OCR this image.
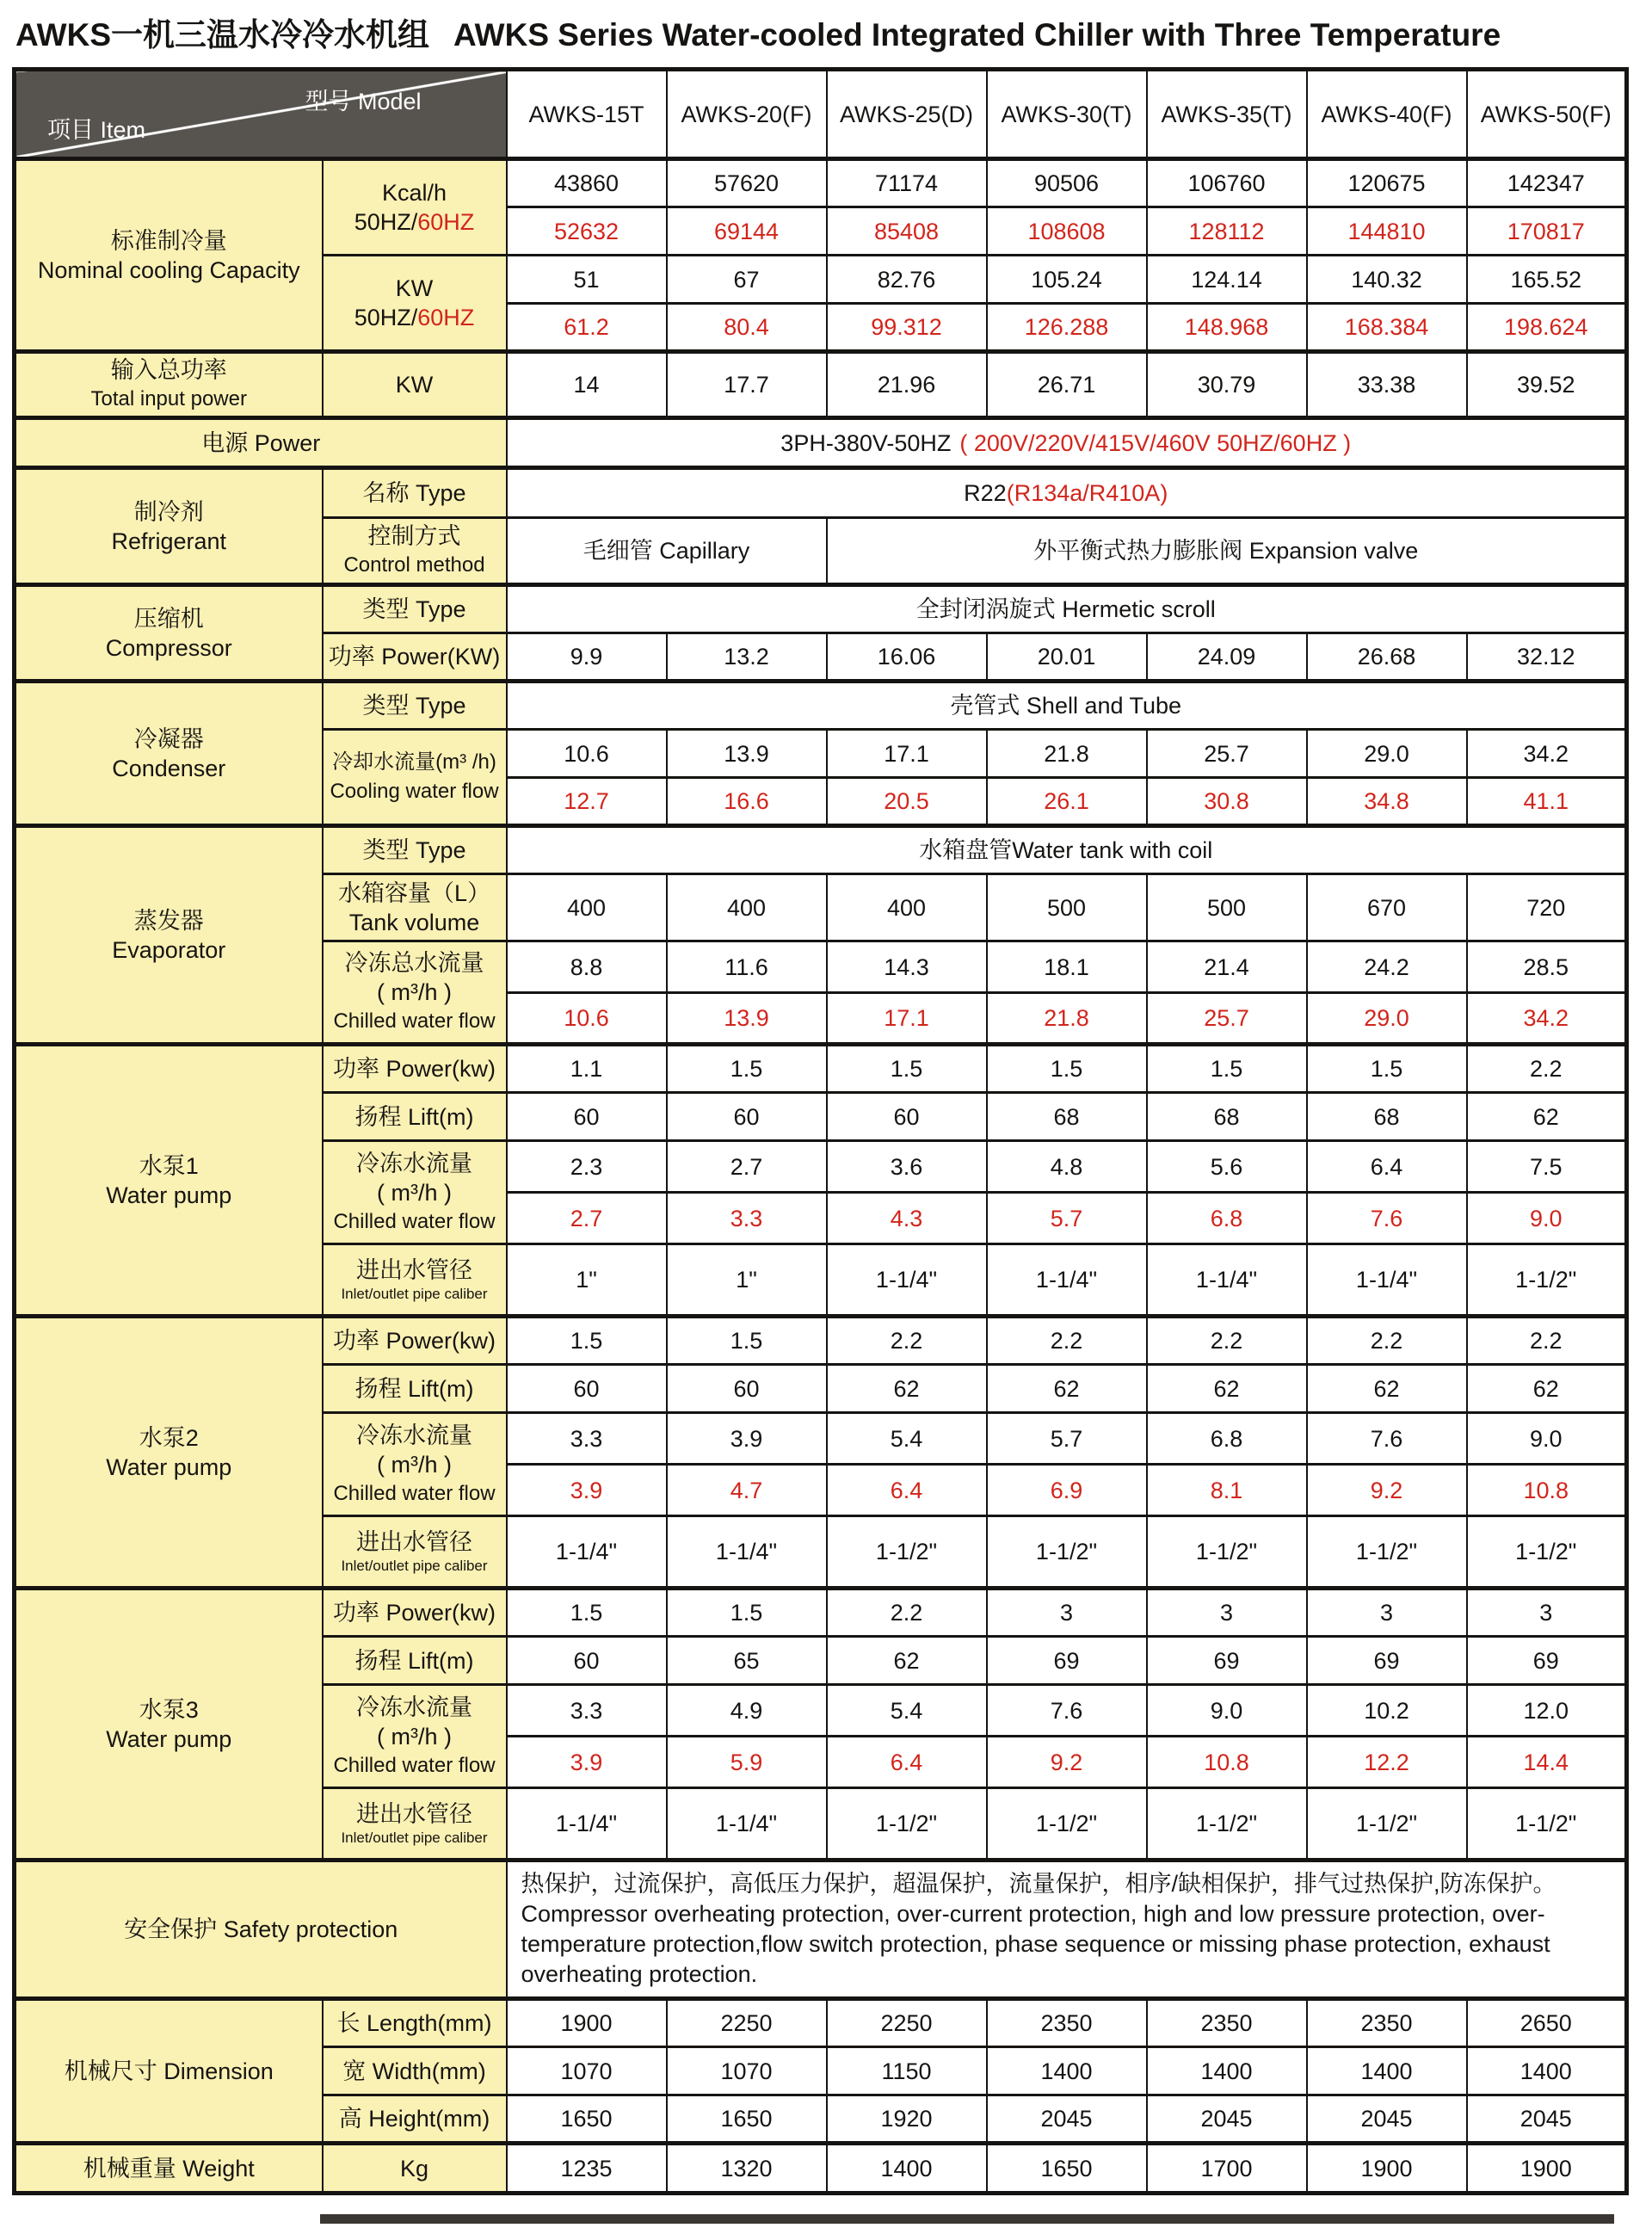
AWKS一机三温水冷冷水机组 AWKS Series Water-cooled Integrated Chiller with Three Temperature
型号 Model
项目 Item		AWKS-15T	AWKS-20(F)	AWKS-25(D)	AWKS-30(T)	AWKS-35(T)	AWKS-40(F)	AWKS-50(F)

标准制冷量
Nominal cooling Capacity

Kcal/h
50HZ/60HZ
	43860	57620	71174	90506	106760	120675	142347
		52632	69144	85408	108608	128112	144810	170817

	KW
50HZ/60HZ	51	67	82.76	105.24	124.14	140.32	165.52
		61.2	80.4	99.312	126.288	148.968	168.384	198.624

输入总功率
Total input power	KW	14	17.7	21.96	26.71	30.79	33.38	39.52
电源 Power		3PH-380V-50HZ ( 200V/220V/415V/460V 50HZ/60HZ )						

制冷剂
Refrigerant	名称 Type	R22(R134a/R410A)						

	控制方式
Control method	毛细管 Capillary		外平衡式热力膨胀阀 Expansion valve				

压缩机
Compressor	类型 Type	全封闭涡旋式 Hermetic scroll						
	功率 Power(KW)	9.9	13.2	16.06	20.01	24.09	26.68	32.12

冷凝器
Condenser	类型 Type	壳管式 Shell and Tube						

	冷却水流量(m³ /h)
Cooling water flow	10.6	13.9	17.1	21.8	25.7	29.0	34.2
		12.7	16.6	20.5	26.1	30.8	34.8	41.1

蒸发器
Evaporator	类型 Type	水箱盘管Water tank with coil						

	水箱容量（L）
Tank volume	400	400	400	500	500	670	720

	冷冻总水流量
( m³/h )
Chilled water flow	8.8	11.6	14.3	18.1	21.4	24.2	28.5
		10.6	13.9	17.1	21.8	25.7	29.0	34.2

水泵1
Water pump	功率 Power(kw)	1.1	1.5	1.5	1.5	1.5	1.5	2.2
	扬程 Lift(m)	60	60	60	68	68	68	62

	冷冻水流量
( m³/h )
Chilled water flow	2.3	2.7	3.6	4.8	5.6	6.4	7.5
		2.7	3.3	4.3	5.7	6.8	7.6	9.0

	进出水管径
Inlet/outlet pipe caliber	1"	1"	1-1/4"	1-1/4"	1-1/4"	1-1/4"	1-1/2"

水泵2
Water pump	功率 Power(kw)	1.5	1.5	2.2	2.2	2.2	2.2	2.2
	扬程 Lift(m)	60	60	62	62	62	62	62

	冷冻水流量
( m³/h )
Chilled water flow	3.3	3.9	5.4	5.7	6.8	7.6	9.0
		3.9	4.7	6.4	6.9	8.1	9.2	10.8

	进出水管径
Inlet/outlet pipe caliber	1-1/4"	1-1/4"	1-1/2"	1-1/2"	1-1/2"	1-1/2"	1-1/2"

水泵3
Water pump	功率 Power(kw)	1.5	1.5	2.2	3	3	3	3
	扬程 Lift(m)	60	65	62	69	69	69	69

	冷冻水流量
( m³/h )
Chilled water flow	3.3	4.9	5.4	7.6	9.0	10.2	12.0
		3.9	5.9	6.4	9.2	10.8	12.2	14.4

	进出水管径
Inlet/outlet pipe caliber	1-1/4"	1-1/4"	1-1/2"	1-1/2"	1-1/2"	1-1/2"	1-1/2"
安全保护 Safety protection		热保护，过流保护，高低压力保护，超温保护，流量保护，相序/缺相保护，排气过热保护,防冻保护。
Compressor overheating protection, over-current protection, high and low pressure protection, over-temperature protection,flow switch protection, phase sequence or missing phase protection, exhaust overheating protection.						

机械尺寸 Dimension	长 Length(mm)	1900	2250	2250	2350	2350	2350	2650
	宽 Width(mm)	1070	1070	1150	1400	1400	1400	1400
	高 Height(mm)	1650	1650	1920	2045	2045	2045	2045
机械重量 Weight	Kg	1235	1320	1400	1650	1700	1900	1900
